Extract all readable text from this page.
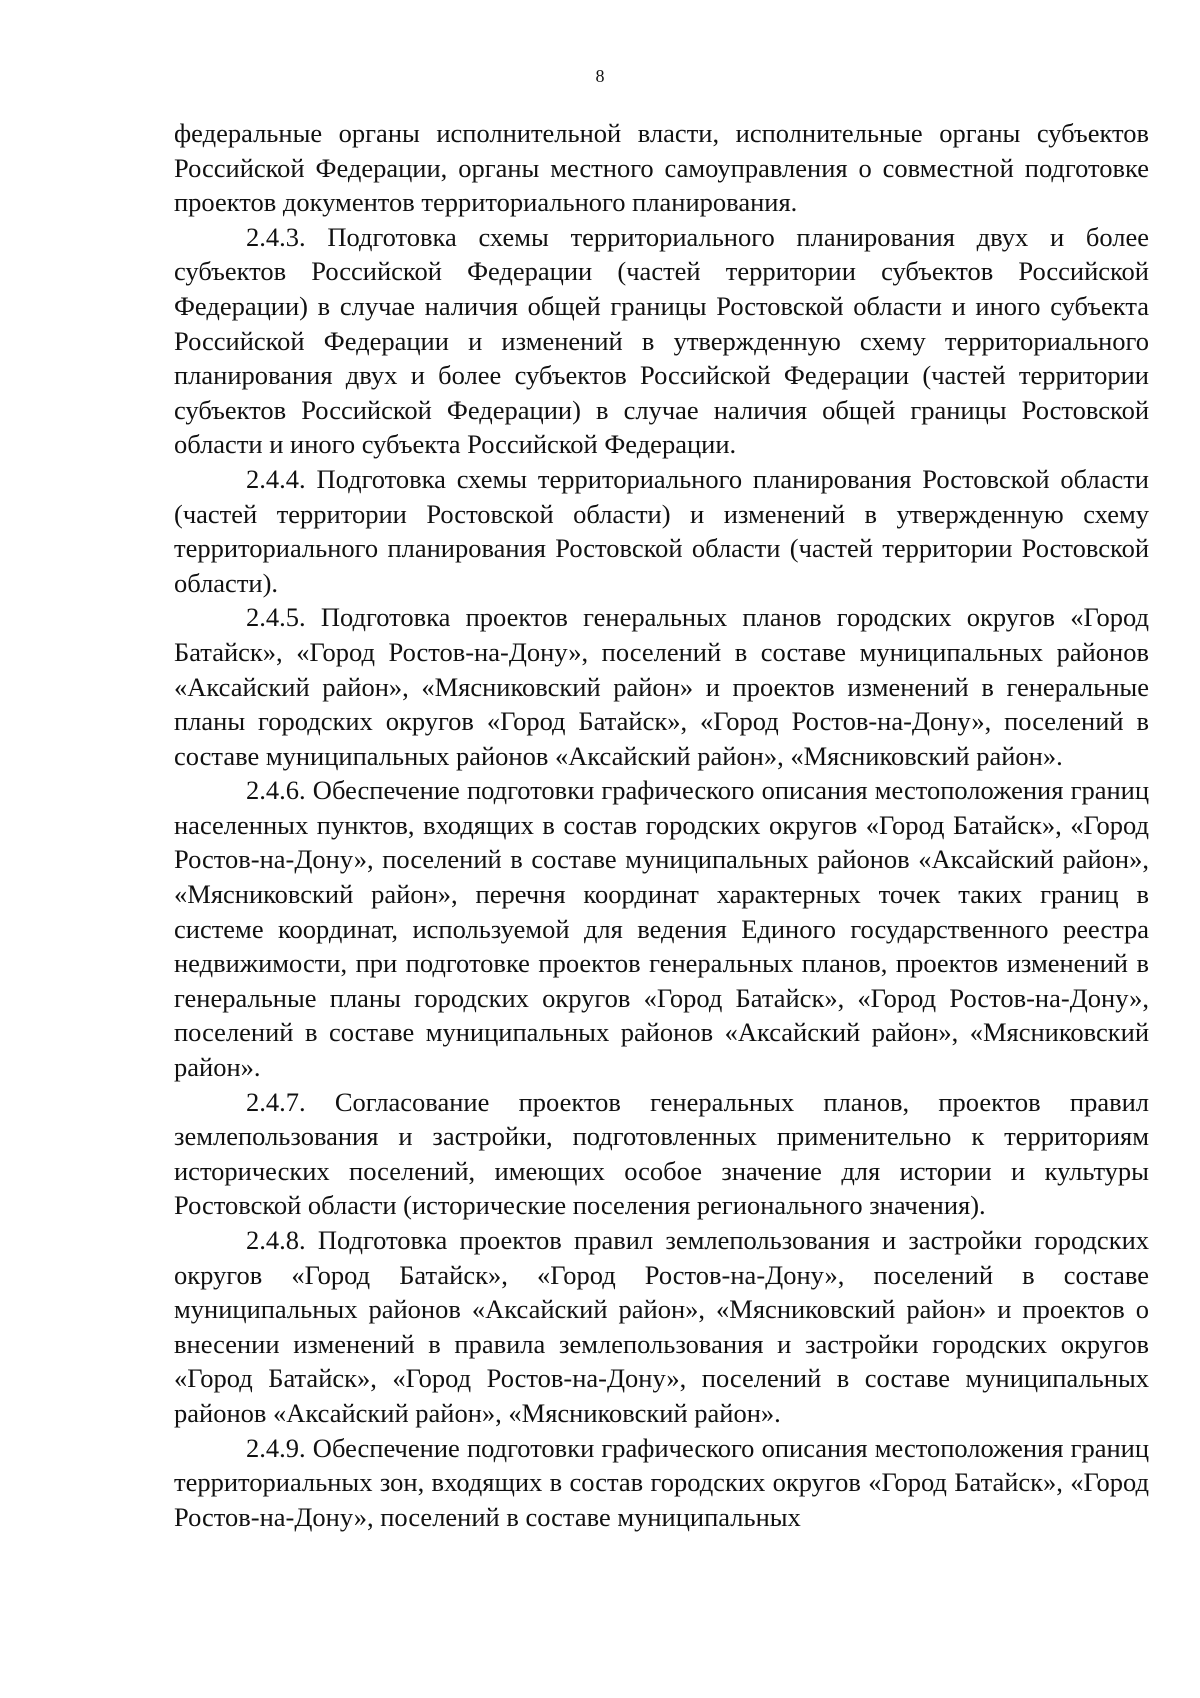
8

федеральные органы исполнительной власти, исполнительные органы субъектов Российской Федерации, органы местного самоуправления о совместной подготовке проектов документов территориального планирования.

2.4.3. Подготовка схемы территориального планирования двух и более субъектов Российской Федерации (частей территории субъектов Российской Федерации) в случае наличия общей границы Ростовской области и иного субъекта Российской Федерации и изменений в утвержденную схему территориального планирования двух и более субъектов Российской Федерации (частей территории субъектов Российской Федерации) в случае наличия общей границы Ростовской области и иного субъекта Российской Федерации.

2.4.4. Подготовка схемы территориального планирования Ростовской области (частей территории Ростовской области) и изменений в утвержденную схему территориального планирования Ростовской области (частей территории Ростовской области).

2.4.5. Подготовка проектов генеральных планов городских округов «Город Батайск», «Город Ростов-на-Дону», поселений в составе муниципальных районов «Аксайский район», «Мясниковский район» и проектов изменений в генеральные планы городских округов «Город Батайск», «Город Ростов-на-Дону», поселений в составе муниципальных районов «Аксайский район», «Мясниковский район».

2.4.6. Обеспечение подготовки графического описания местоположения границ населенных пунктов, входящих в состав городских округов «Город Батайск», «Город Ростов-на-Дону», поселений в составе муниципальных районов «Аксайский район», «Мясниковский район», перечня координат характерных точек таких границ в системе координат, используемой для ведения Единого государственного реестра недвижимости, при подготовке проектов генеральных планов, проектов изменений в генеральные планы городских округов «Город Батайск», «Город Ростов-на-Дону», поселений в составе муниципальных районов «Аксайский район», «Мясниковский район».

2.4.7. Согласование проектов генеральных планов, проектов правил землепользования и застройки, подготовленных применительно к территориям исторических поселений, имеющих особое значение для истории и культуры Ростовской области (исторические поселения регионального значения).

2.4.8. Подготовка проектов правил землепользования и застройки городских округов «Город Батайск», «Город Ростов-на-Дону», поселений в составе муниципальных районов «Аксайский район», «Мясниковский район» и проектов о внесении изменений в правила землепользования и застройки городских округов «Город Батайск», «Город Ростов-на-Дону», поселений в составе муниципальных районов «Аксайский район», «Мясниковский район».

2.4.9. Обеспечение подготовки графического описания местоположения границ территориальных зон, входящих в состав городских округов «Город Батайск», «Город Ростов-на-Дону», поселений в составе муниципальных
